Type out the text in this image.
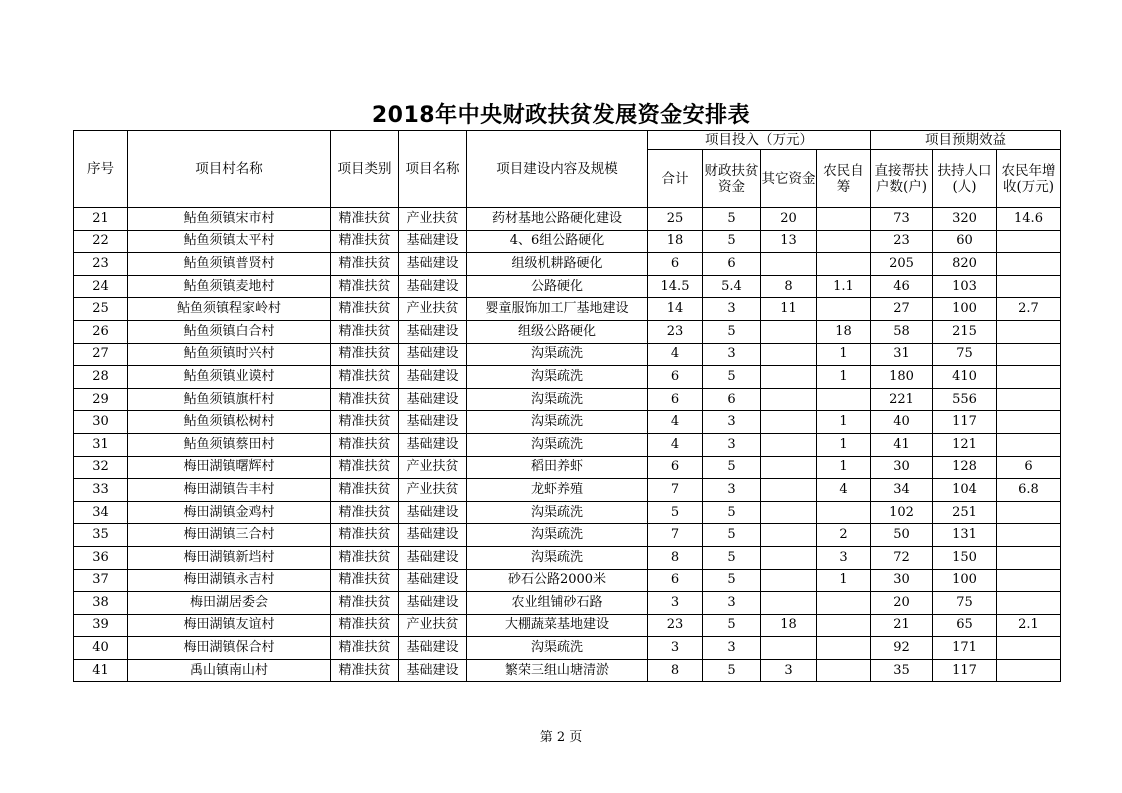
2018年中央财政扶贫发展资金安排表
序号	项目村名称	项目类别	项目名称	项目建设内容及规模	项目投入（万元）				项目预期效益		
					合计	财政扶贫资金	其它资金	农民自筹	直接帮扶户数(户)	扶持人口(人)	农民年增收(万元)
21	鲇鱼须镇宋市村	精准扶贫	产业扶贫	药材基地公路硬化建设	25	5	20		73	320	14.6
22	鲇鱼须镇太平村	精准扶贫	基础建设	4、6组公路硬化	18	5	13		23	60	
23	鲇鱼须镇普贤村	精准扶贫	基础建设	组级机耕路硬化	6	6			205	820	
24	鲇鱼须镇麦地村	精准扶贫	基础建设	公路硬化	14.5	5.4	8	1.1	46	103	
25	鲇鱼须镇程家岭村	精准扶贫	产业扶贫	婴童服饰加工厂基地建设	14	3	11		27	100	2.7
26	鲇鱼须镇白合村	精准扶贫	基础建设	组级公路硬化	23	5		18	58	215	
27	鲇鱼须镇时兴村	精准扶贫	基础建设	沟渠疏洗	4	3		1	31	75	
28	鲇鱼须镇业谟村	精准扶贫	基础建设	沟渠疏洗	6	5		1	180	410	
29	鲇鱼须镇旗杆村	精准扶贫	基础建设	沟渠疏洗	6	6			221	556	
30	鲇鱼须镇松树村	精准扶贫	基础建设	沟渠疏洗	4	3		1	40	117	
31	鲇鱼须镇蔡田村	精准扶贫	基础建设	沟渠疏洗	4	3		1	41	121	
32	梅田湖镇曙辉村	精准扶贫	产业扶贫	稻田养虾	6	5		1	30	128	6
33	梅田湖镇告丰村	精准扶贫	产业扶贫	龙虾养殖	7	3		4	34	104	6.8
34	梅田湖镇金鸡村	精准扶贫	基础建设	沟渠疏洗	5	5			102	251	
35	梅田湖镇三合村	精准扶贫	基础建设	沟渠疏洗	7	5		2	50	131	
36	梅田湖镇新垱村	精准扶贫	基础建设	沟渠疏洗	8	5		3	72	150	
37	梅田湖镇永吉村	精准扶贫	基础建设	砂石公路2000米	6	5		1	30	100	
38	梅田湖居委会	精准扶贫	基础建设	农业组铺砂石路	3	3			20	75	
39	梅田湖镇友谊村	精准扶贫	产业扶贫	大棚蔬菜基地建设	23	5	18		21	65	2.1
40	梅田湖镇保合村	精准扶贫	基础建设	沟渠疏洗	3	3			92	171	
41	禹山镇南山村	精准扶贫	基础建设	繁荣三组山塘清淤	8	5	3		35	117	
第 2 页
